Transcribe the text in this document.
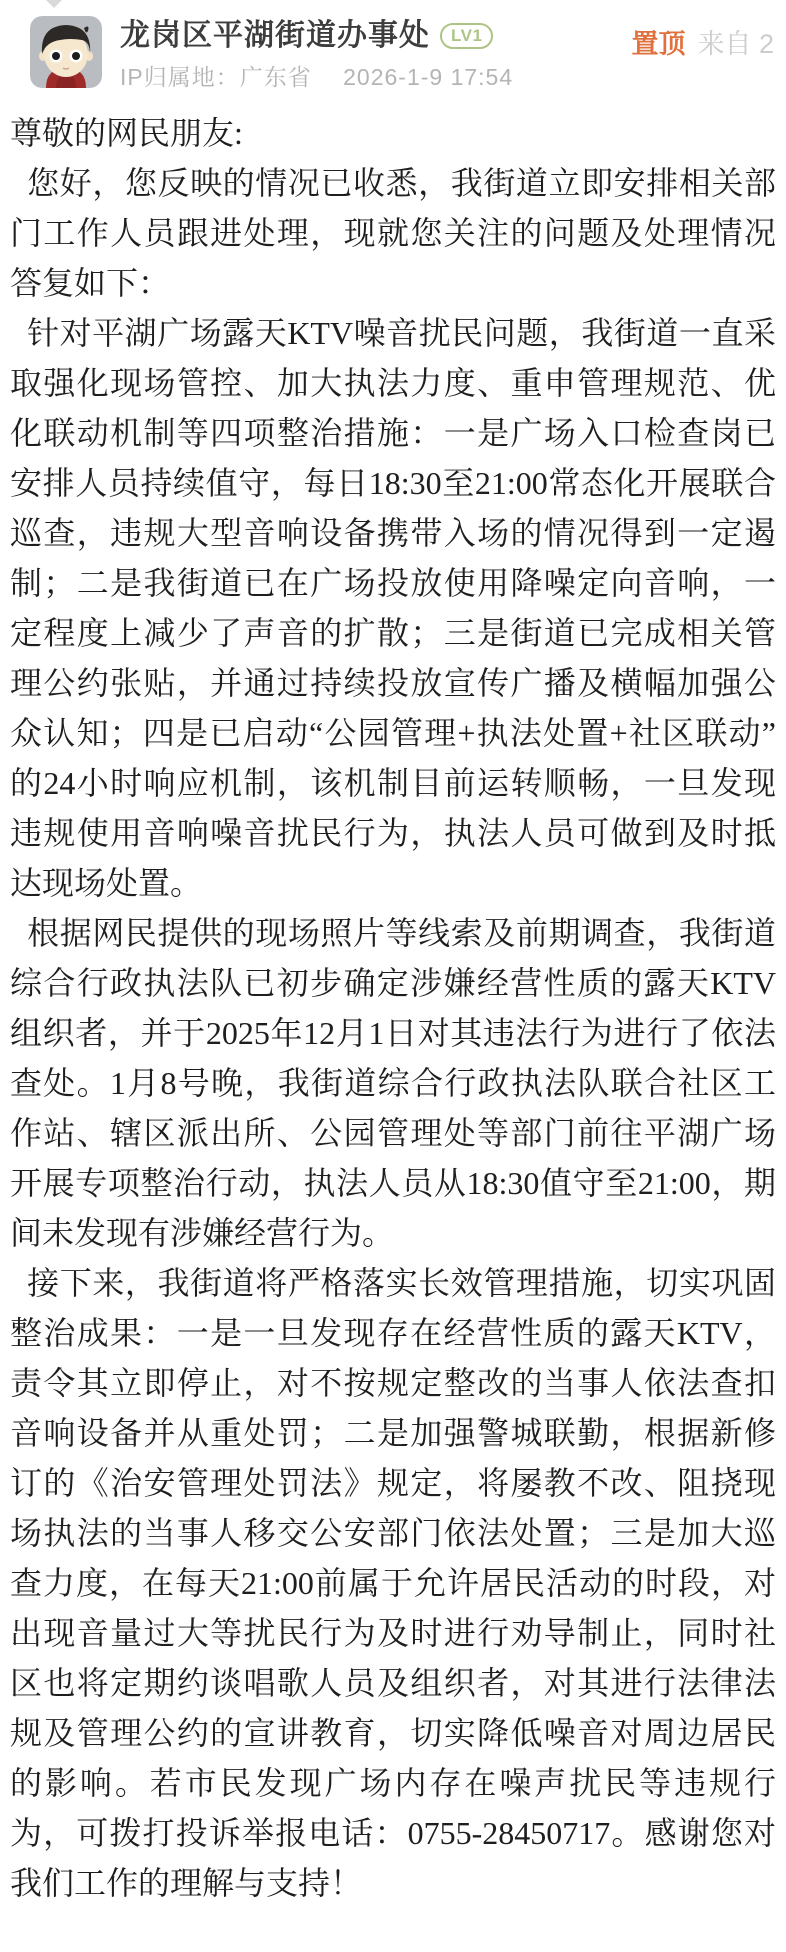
龙岗区平湖街道办事处	LV1
IP归属地：广东省 2026-1-9 17:54
置顶 来自 2

尊敬的网民朋友:

您好，您反映的情况已收悉，我街道立即安排相关部门工作人员跟进处理，现就您关注的问题及处理情况答复如下：

针对平湖广场露天KTV噪音扰民问题，我街道一直采取强化现场管控、加大执法力度、重申管理规范、优化联动机制等四项整治措施：一是广场入口检查岗已安排人员持续值守，每日18:30至21:00常态化开展联合巡查，违规大型音响设备携带入场的情况得到一定遏制；二是我街道已在广场投放使用降噪定向音响，一定程度上减少了声音的扩散；三是街道已完成相关管理公约张贴，并通过持续投放宣传广播及横幅加强公众认知；四是已启动“公园管理+执法处置+社区联动”的24小时响应机制，该机制目前运转顺畅，一旦发现违规使用音响噪音扰民行为，执法人员可做到及时抵达现场处置。

根据网民提供的现场照片等线索及前期调查，我街道综合行政执法队已初步确定涉嫌经营性质的露天KTV组织者，并于2025年12月1日对其违法行为进行了依法查处。1月8号晚，我街道综合行政执法队联合社区工作站、辖区派出所、公园管理处等部门前往平湖广场开展专项整治行动，执法人员从18:30值守至21:00，期间未发现有涉嫌经营行为。

接下来，我街道将严格落实长效管理措施，切实巩固整治成果：一是一旦发现存在经营性质的露天KTV，责令其立即停止，对不按规定整改的当事人依法查扣音响设备并从重处罚；二是加强警城联勤，根据新修订的《治安管理处罚法》规定，将屡教不改、阻挠现场执法的当事人移交公安部门依法处置；三是加大巡查力度，在每天21:00前属于允许居民活动的时段，对出现音量过大等扰民行为及时进行劝导制止，同时社区也将定期约谈唱歌人员及组织者，对其进行法律法规及管理公约的宣讲教育，切实降低噪音对周边居民的影响。若市民发现广场内存在噪声扰民等违规行为，可拨打投诉举报电话：0755-28450717。感谢您对我们工作的理解与支持！
